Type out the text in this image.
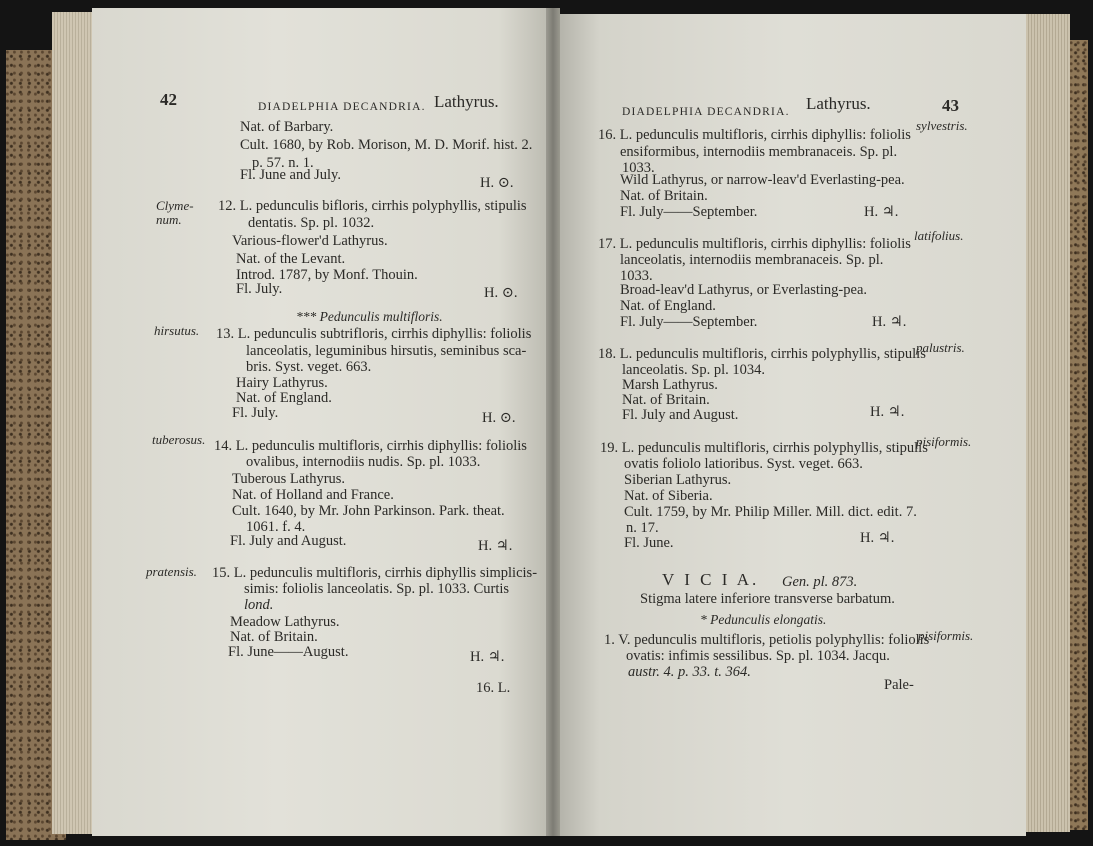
42	DIADELPHIA DECANDRIA. Lathyrus.
Nat. of Barbary.
Cult. 1680, by Rob. Morison, M. D. Morif. hist. 2.
p. 57. n. 1.
Fl. June and July.	H. ⊙.
Clyme-
num.
12. L. pedunculis bifloris, cirrhis polyphyllis, stipulis
dentatis. Sp. pl. 1032.
Various-flower'd Lathyrus.
Nat. of the Levant.
Introd. 1787, by Monf. Thouin.
Fl. July.	H. ⊙.
*** Pedunculis multifloris.
hirsutus. 13. L. pedunculis subtrifloris, cirrhis diphyllis: foliolis
lanceolatis, leguminibus hirsutis, seminibus sca-
bris. Syst. veget. 663.
Hairy Lathyrus.
Nat. of England.
Fl. July.	H. ⊙.
tuberosus. 14. L. pedunculis multifloris, cirrhis diphyllis: foliolis
ovalibus, internodiis nudis. Sp. pl. 1033.
Tuberous Lathyrus.
Nat. of Holland and France.
Cult. 1640, by Mr. John Parkinson. Park. theat.
1061. f. 4.
Fl. July and August.	H. ♃.
pratensis. 15. L. pedunculis multifloris, cirrhis diphyllis simplicis-
simis: foliolis lanceolatis. Sp. pl. 1033. Curtis
lond.
Meadow Lathyrus.
Nat. of Britain.
Fl. June——August.	H. ♃.
16. L.
DIADELPHIA DECANDRIA. Lathyrus.	43
16. L. pedunculis multifloris, cirrhis diphyllis: foliolis
sylvestris.
ensiformibus, internodiis membranaceis. Sp. pl.
1033.
Wild Lathyrus, or narrow-leav'd Everlasting-pea.
Nat. of Britain.
Fl. July——September.	H. ♃.
17. L. pedunculis multifloris, cirrhis diphyllis: foliolis
latifolius.
lanceolatis, internodiis membranaceis. Sp. pl.
1033.
Broad-leav'd Lathyrus, or Everlasting-pea.
Nat. of England.
Fl. July——September.	H. ♃.
18. L. pedunculis multifloris, cirrhis polyphyllis, stipulis
palustris.
lanceolatis. Sp. pl. 1034.
Marsh Lathyrus.
Nat. of Britain.
Fl. July and August.	H. ♃.
19. L. pedunculis multifloris, cirrhis polyphyllis, stipulis
pisiformis.
ovatis foliolo latioribus. Syst. veget. 663.
Siberian Lathyrus.
Nat. of Siberia.
Cult. 1759, by Mr. Philip Miller. Mill. dict. edit. 7.
n. 17.
Fl. June.	H. ♃.
V I C I A. Gen. pl. 873.
Stigma latere inferiore transverse barbatum.
* Pedunculis elongatis.
1. V. pedunculis multifloris, petiolis polyphyllis: foliolis
pisiformis.
ovatis: infimis sessilibus. Sp. pl. 1034. Jacqu.
austr. 4. p. 33. t. 364.
Pale-
